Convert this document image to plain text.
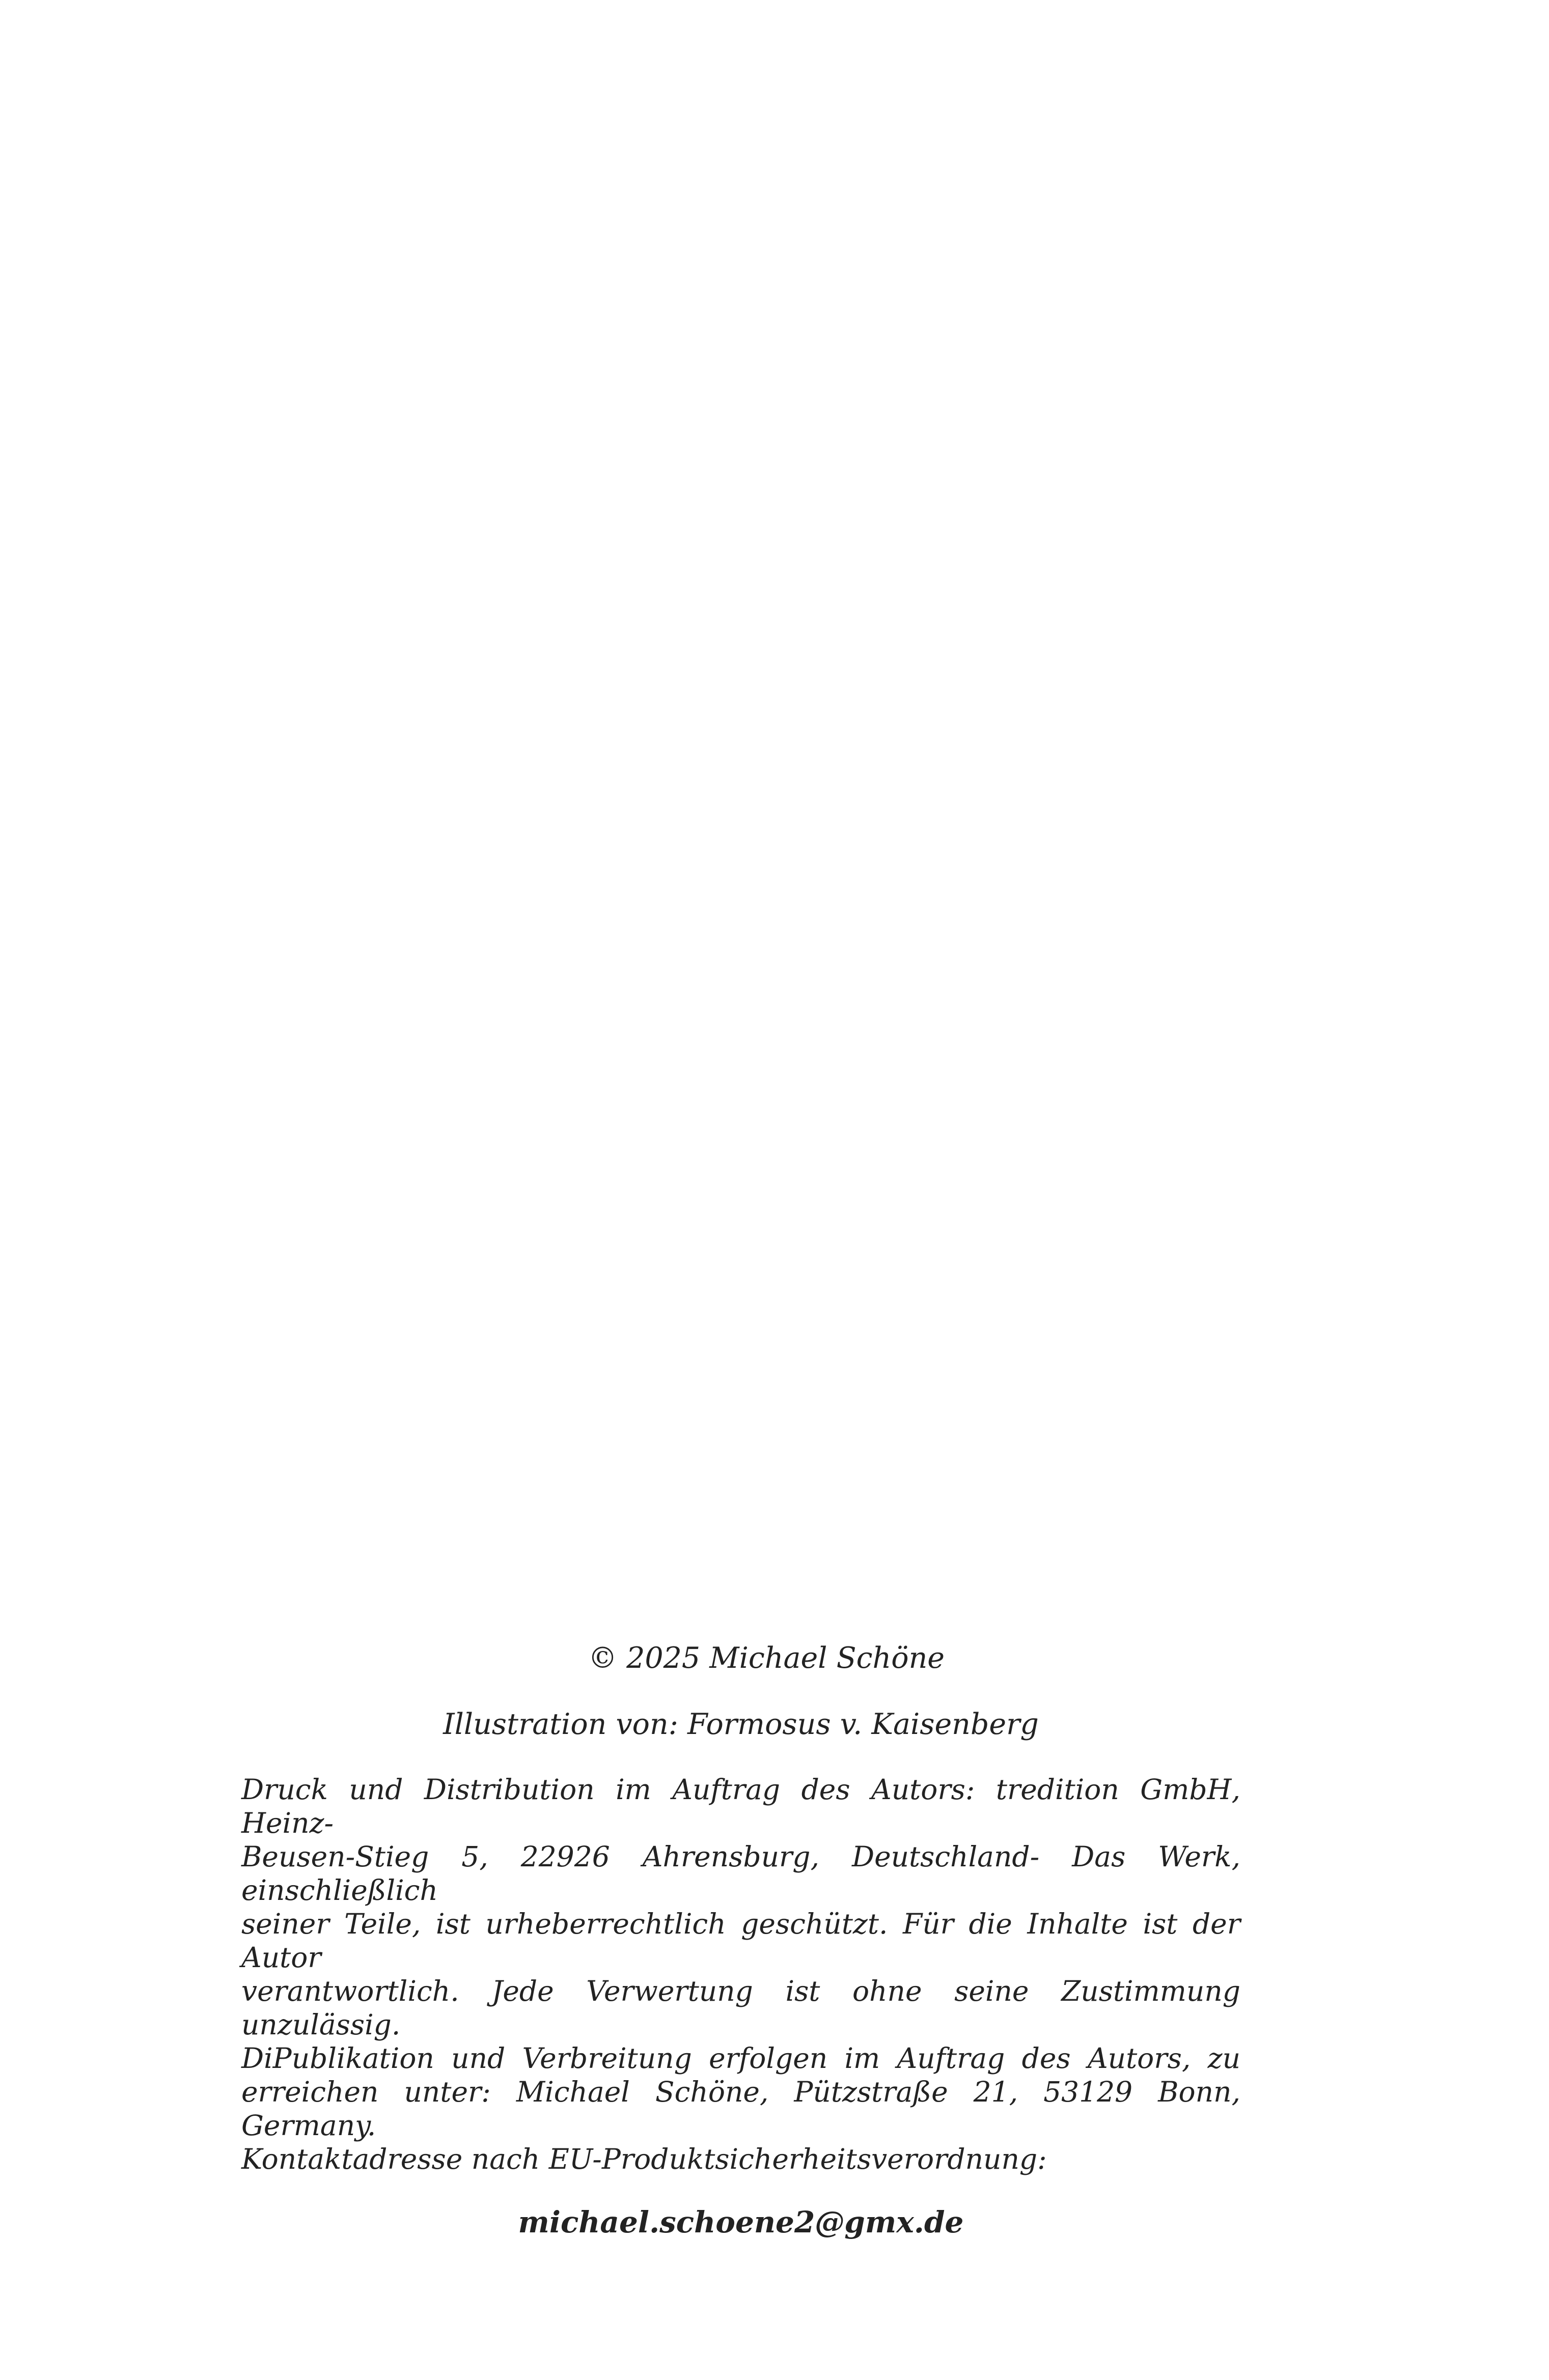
© 2025 Michael Schöne

Illustration von: Formosus v. Kaisenberg

Druck und Distribution im Auftrag des Autors: tredition GmbH, Heinz-
Beusen-Stieg 5, 22926 Ahrensburg, Deutschland- Das Werk, einschließlich
seiner Teile, ist urheberrechtlich geschützt. Für die Inhalte ist der Autor
verantwortlich. Jede Verwertung ist ohne seine Zustimmung unzulässig.
DiPublikation und Verbreitung erfolgen im Auftrag des Autors, zu
erreichen unter: Michael Schöne, Pützstraße 21, 53129 Bonn, Germany.
Kontaktadresse nach EU-Produktsicherheitsverordnung:

michael.schoene2@gmx.de
